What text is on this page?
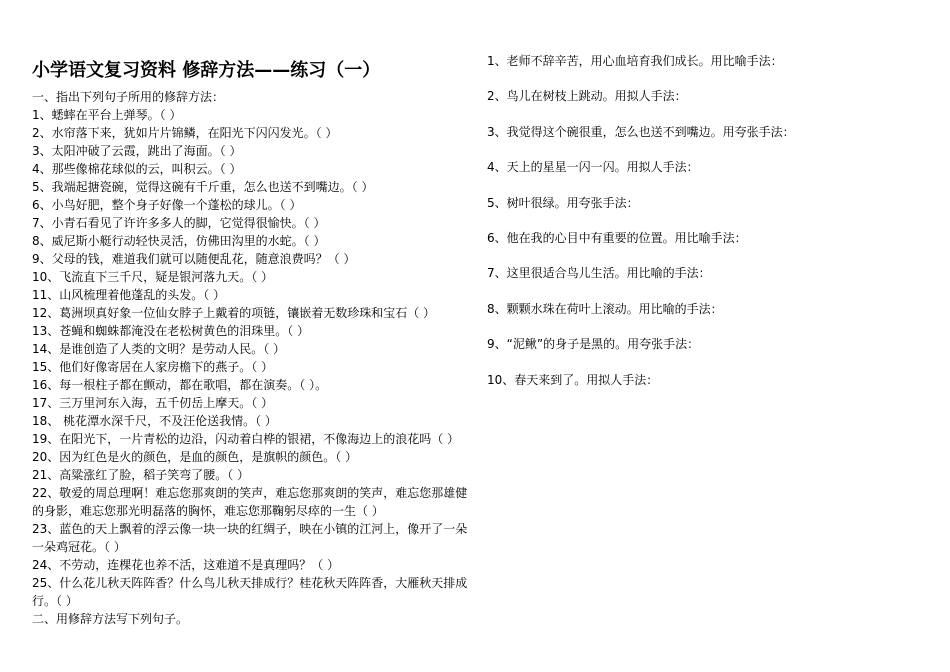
小学语文复习资料 修辞方法——练习（一）
一、指出下列句子所用的修辞方法：
1、蟋蟀在平台上弹琴。（ ）
2、水帘落下来，犹如片片锦鳞，在阳光下闪闪发光。（ ）
3、太阳冲破了云霞，跳出了海面。（ ）
4、那些像棉花球似的云，叫积云。（ ）
5、我端起搪瓷碗，觉得这碗有千斤重，怎么也送不到嘴边。（ ）
6、小鸟好肥，整个身子好像一个蓬松的球儿。（ ）
7、小青石看见了许许多多人的脚，它觉得很愉快。（ ）
8、威尼斯小艇行动轻快灵活，仿佛田沟里的水蛇。（ ）
9、父母的钱，难道我们就可以随便乱花，随意浪费吗？（ ）
10、飞流直下三千尺，疑是银河落九天。（ ）
11、山风梳理着他蓬乱的头发。（ ）
12、葛洲坝真好象一位仙女脖子上戴着的项链，镶嵌着无数珍珠和宝石（ ）
13、苍蝇和蜘蛛都淹没在老松树黄色的泪珠里。（ ）
14、是谁创造了人类的文明？是劳动人民。（ ）
15、他们好像寄居在人家房檐下的燕子。（ ）
16、每一根柱子都在颤动，都在歌唱，都在演奏。（ ）。
17、三万里河东入海，五千仞岳上摩天。（ ）
18、 桃花潭水深千尺，不及汪伦送我情。（ ）
19、在阳光下，一片青松的边沿，闪动着白桦的银裙，不像海边上的浪花吗（ ）
20、因为红色是火的颜色，是血的颜色，是旗帜的颜色。（ ）
21、高粱涨红了脸，稻子笑弯了腰。（ ）
22、敬爱的周总理啊！难忘您那爽朗的笑声，难忘您那爽朗的笑声，难忘您那雄健的身影，难忘您那光明磊落的胸怀，难忘您那鞠躬尽瘁的一生（ ）
23、蓝色的天上飘着的浮云像一块一块的红绸子，映在小镇的江河上，像开了一朵一朵鸡冠花。（ ）
24、不劳动，连棵花也养不活，这难道不是真理吗？（ ）
25、什么花儿秋天阵阵香？什么鸟儿秋天排成行？桂花秋天阵阵香，大雁秋天排成行。（ ）
二、用修辞方法写下列句子。
1、老师不辞辛苦，用心血培育我们成长。用比喻手法：
2、鸟儿在树枝上跳动。用拟人手法：
3、我觉得这个碗很重，怎么也送不到嘴边。用夸张手法：
4、天上的星星一闪一闪。用拟人手法：
5、树叶很绿。用夸张手法：
6、他在我的心目中有重要的位置。用比喻手法：
7、这里很适合鸟儿生活。用比喻的手法：
8、颗颗水珠在荷叶上滚动。用比喻的手法：
9、“泥鳅”的身子是黑的。用夸张手法：
10、春天来到了。用拟人手法：
